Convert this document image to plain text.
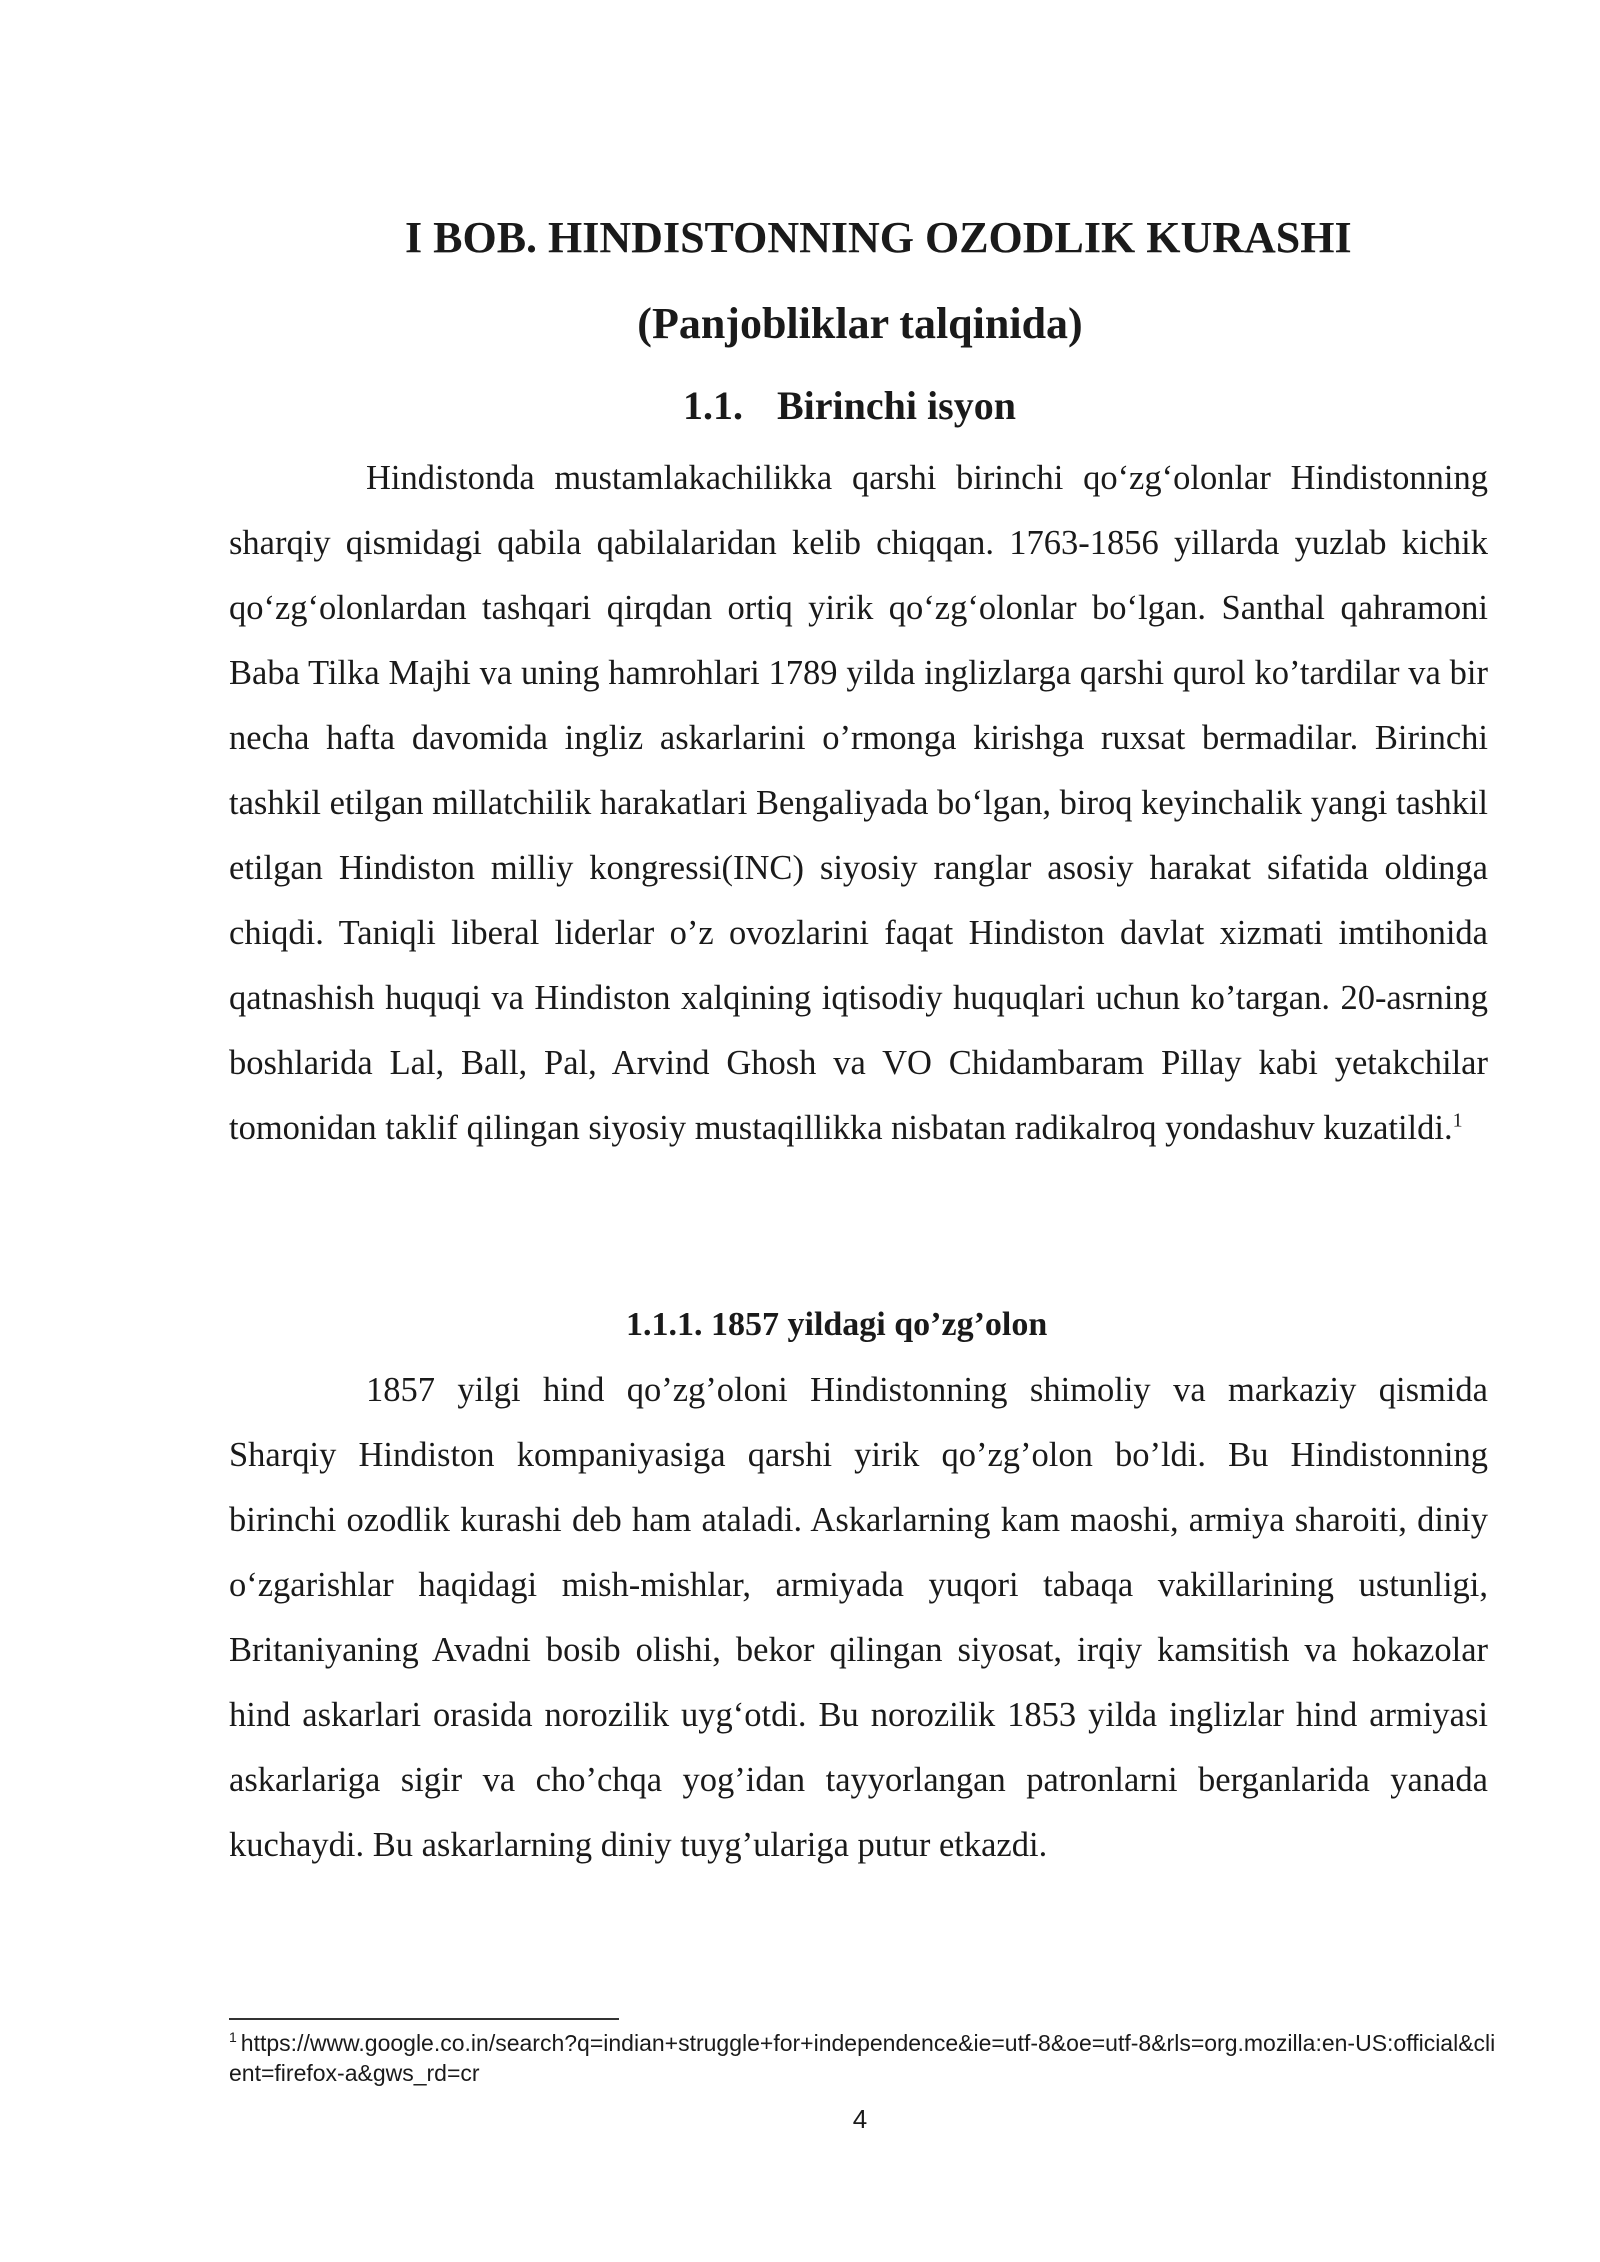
I BOB. HINDISTONNING OZODLIK KURASHI
(Panjobliklar talqinida)
1.1. Birinchi isyon

Hindistonda mustamlakachilikka qarshi birinchi qo‘zg‘olonlar Hindistonning sharqiy qismidagi qabila qabilalaridan kelib chiqqan. 1763-1856 yillarda yuzlab kichik qo‘zg‘olonlardan tashqari qirqdan ortiq yirik qo‘zg‘olonlar bo‘lgan. Santhal qahramoni Baba Tilka Majhi va uning hamrohlari 1789 yilda inglizlarga qarshi qurol ko’tardilar va bir necha hafta davomida ingliz askarlarini o’rmonga kirishga ruxsat bermadilar. Birinchi tashkil etilgan millatchilik harakatlari Bengaliyada bo‘lgan, biroq keyinchalik yangi tashkil etilgan Hindiston milliy kongressi(INC) siyosiy ranglar asosiy harakat sifatida oldinga chiqdi. Taniqli liberal liderlar o’z ovozlarini faqat Hindiston davlat xizmati imtihonida qatnashish huquqi va Hindiston xalqining iqtisodiy huquqlari uchun ko’targan. 20-asrning boshlarida Lal, Ball, Pal, Arvind Ghosh va VO Chidambaram Pillay kabi yetakchilar tomonidan taklif qilingan siyosiy mustaqillikka nisbatan radikalroq yondashuv kuzatildi.$^1$

1.1.1. 1857 yildagi qo’zg’olon

1857 yilgi hind qo’zg’oloni Hindistonning shimoliy va markaziy qismida Sharqiy Hindiston kompaniyasiga qarshi yirik qo’zg’olon bo’ldi. Bu Hindistonning birinchi ozodlik kurashi deb ham ataladi. Askarlarning kam maoshi, armiya sharoiti, diniy o‘zgarishlar haqidagi mish-mishlar, armiyada yuqori tabaqa vakillarining ustunligi, Britaniyaning Avadni bosib olishi, bekor qilingan siyosat, irqiy kamsitish va hokazolar hind askarlari orasida norozilik uyg‘otdi. Bu norozilik 1853 yilda inglizlar hind armiyasi askarlariga sigir va cho’chqa yog’idan tayyorlangan patronlarni berganlarida yanada kuchaydi. Bu askarlarning diniy tuyg’ulariga putur etkazdi.

$^1$ https://www.google.co.in/search?q=indian+struggle+for+independence&ie=utf-8&oe=utf-8&rls=org.mozilla:en-US:official&client=firefox-a&gws_rd=cr

4
